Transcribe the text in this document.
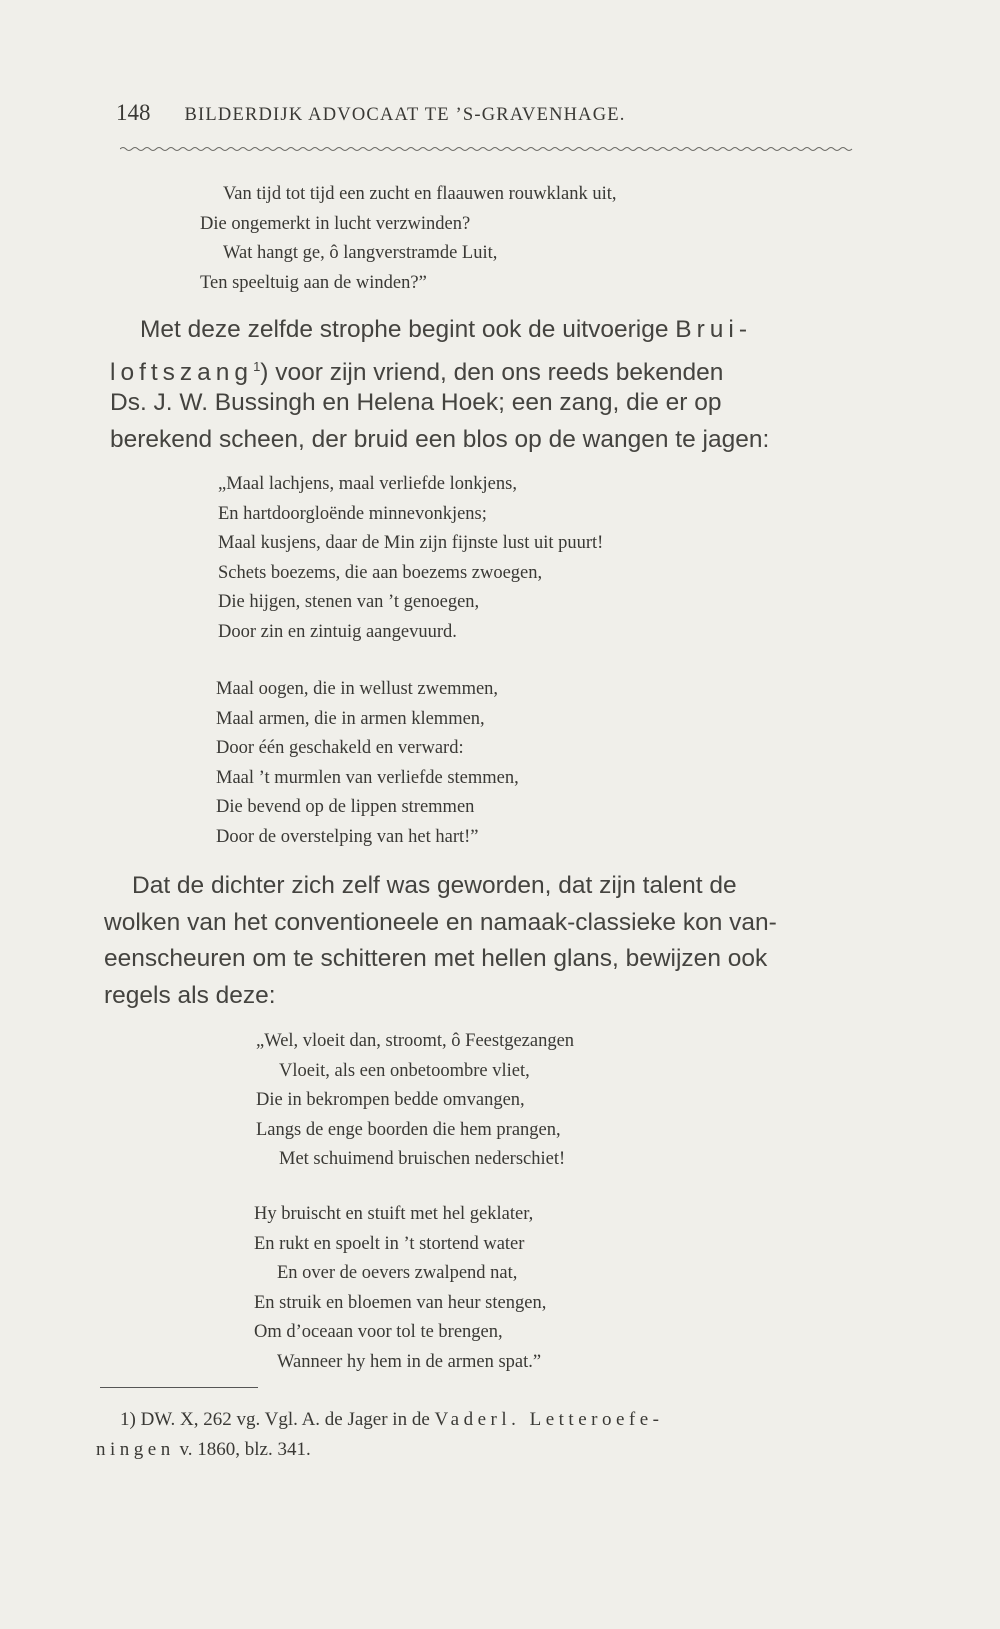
148 BILDERDIJK ADVOCAAT TE ’S-GRAVENHAGE.
Van tijd tot tijd een zucht en flaauwen rouwklank uit,
Die ongemerkt in lucht verzwinden?
Wat hangt ge, ô langverstramde Luit,
Ten speeltuig aan de winden?”
Met deze zelfde strophe begint ook de uitvoerige Brui-
loftszang$^1$) voor zijn vriend, den ons reeds bekenden
Ds. J. W. Bussingh en Helena Hoek; een zang, die er op
berekend scheen, der bruid een blos op de wangen te jagen:
„Maal lachjens, maal verliefde lonkjens,
En hartdoorgloënde minnevonkjens;
Maal kusjens, daar de Min zijn fijnste lust uit puurt!
Schets boezems, die aan boezems zwoegen,
Die hijgen, stenen van ’t genoegen,
Door zin en zintuig aangevuurd.
Maal oogen, die in wellust zwemmen,
Maal armen, die in armen klemmen,
Door één geschakeld en verward:
Maal ’t murmlen van verliefde stemmen,
Die bevend op de lippen stremmen
Door de overstelping van het hart!”
Dat de dichter zich zelf was geworden, dat zijn talent de
wolken van het conventioneele en namaak-classieke kon van-
eenscheuren om te schitteren met hellen glans, bewijzen ook
regels als deze:
„Wel, vloeit dan, stroomt, ô Feestgezangen
Vloeit, als een onbetoombre vliet,
Die in bekrompen bedde omvangen,
Langs de enge boorden die hem prangen,
Met schuimend bruischen nederschiet!
Hy bruischt en stuift met hel geklater,
En rukt en spoelt in ’t stortend water
En over de oevers zwalpend nat,
En struik en bloemen van heur stengen,
Om d’oceaan voor tol te brengen,
Wanneer hy hem in de armen spat.”
1) DW. X, 262 vg. Vgl. A. de Jager in de Vaderl. Letteroefe-
ningen v. 1860, blz. 341.
